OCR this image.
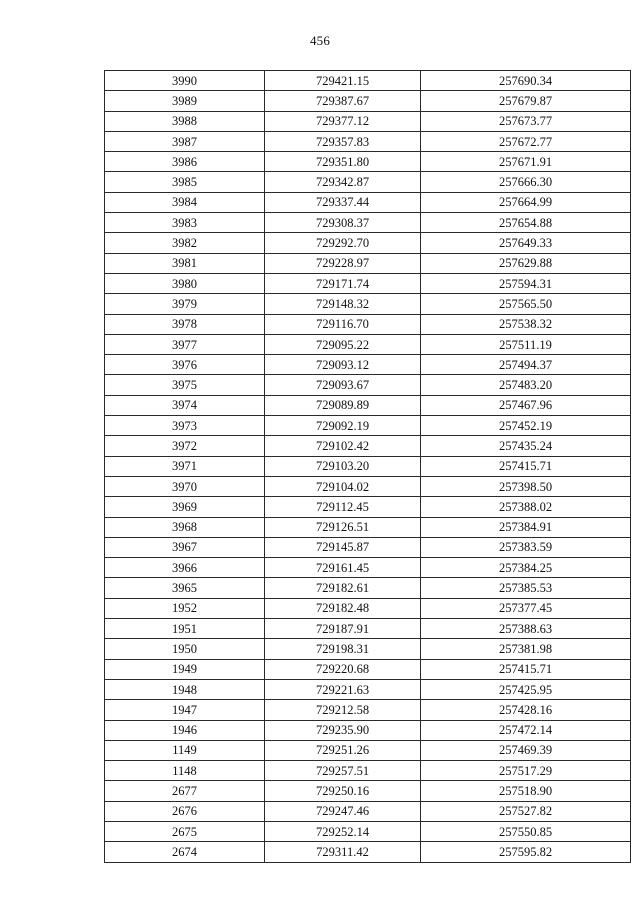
456
3990	729421.15	257690.34
3989	729387.67	257679.87
3988	729377.12	257673.77
3987	729357.83	257672.77
3986	729351.80	257671.91
3985	729342.87	257666.30
3984	729337.44	257664.99
3983	729308.37	257654.88
3982	729292.70	257649.33
3981	729228.97	257629.88
3980	729171.74	257594.31
3979	729148.32	257565.50
3978	729116.70	257538.32
3977	729095.22	257511.19
3976	729093.12	257494.37
3975	729093.67	257483.20
3974	729089.89	257467.96
3973	729092.19	257452.19
3972	729102.42	257435.24
3971	729103.20	257415.71
3970	729104.02	257398.50
3969	729112.45	257388.02
3968	729126.51	257384.91
3967	729145.87	257383.59
3966	729161.45	257384.25
3965	729182.61	257385.53
1952	729182.48	257377.45
1951	729187.91	257388.63
1950	729198.31	257381.98
1949	729220.68	257415.71
1948	729221.63	257425.95
1947	729212.58	257428.16
1946	729235.90	257472.14
1149	729251.26	257469.39
1148	729257.51	257517.29
2677	729250.16	257518.90
2676	729247.46	257527.82
2675	729252.14	257550.85
2674	729311.42	257595.82
